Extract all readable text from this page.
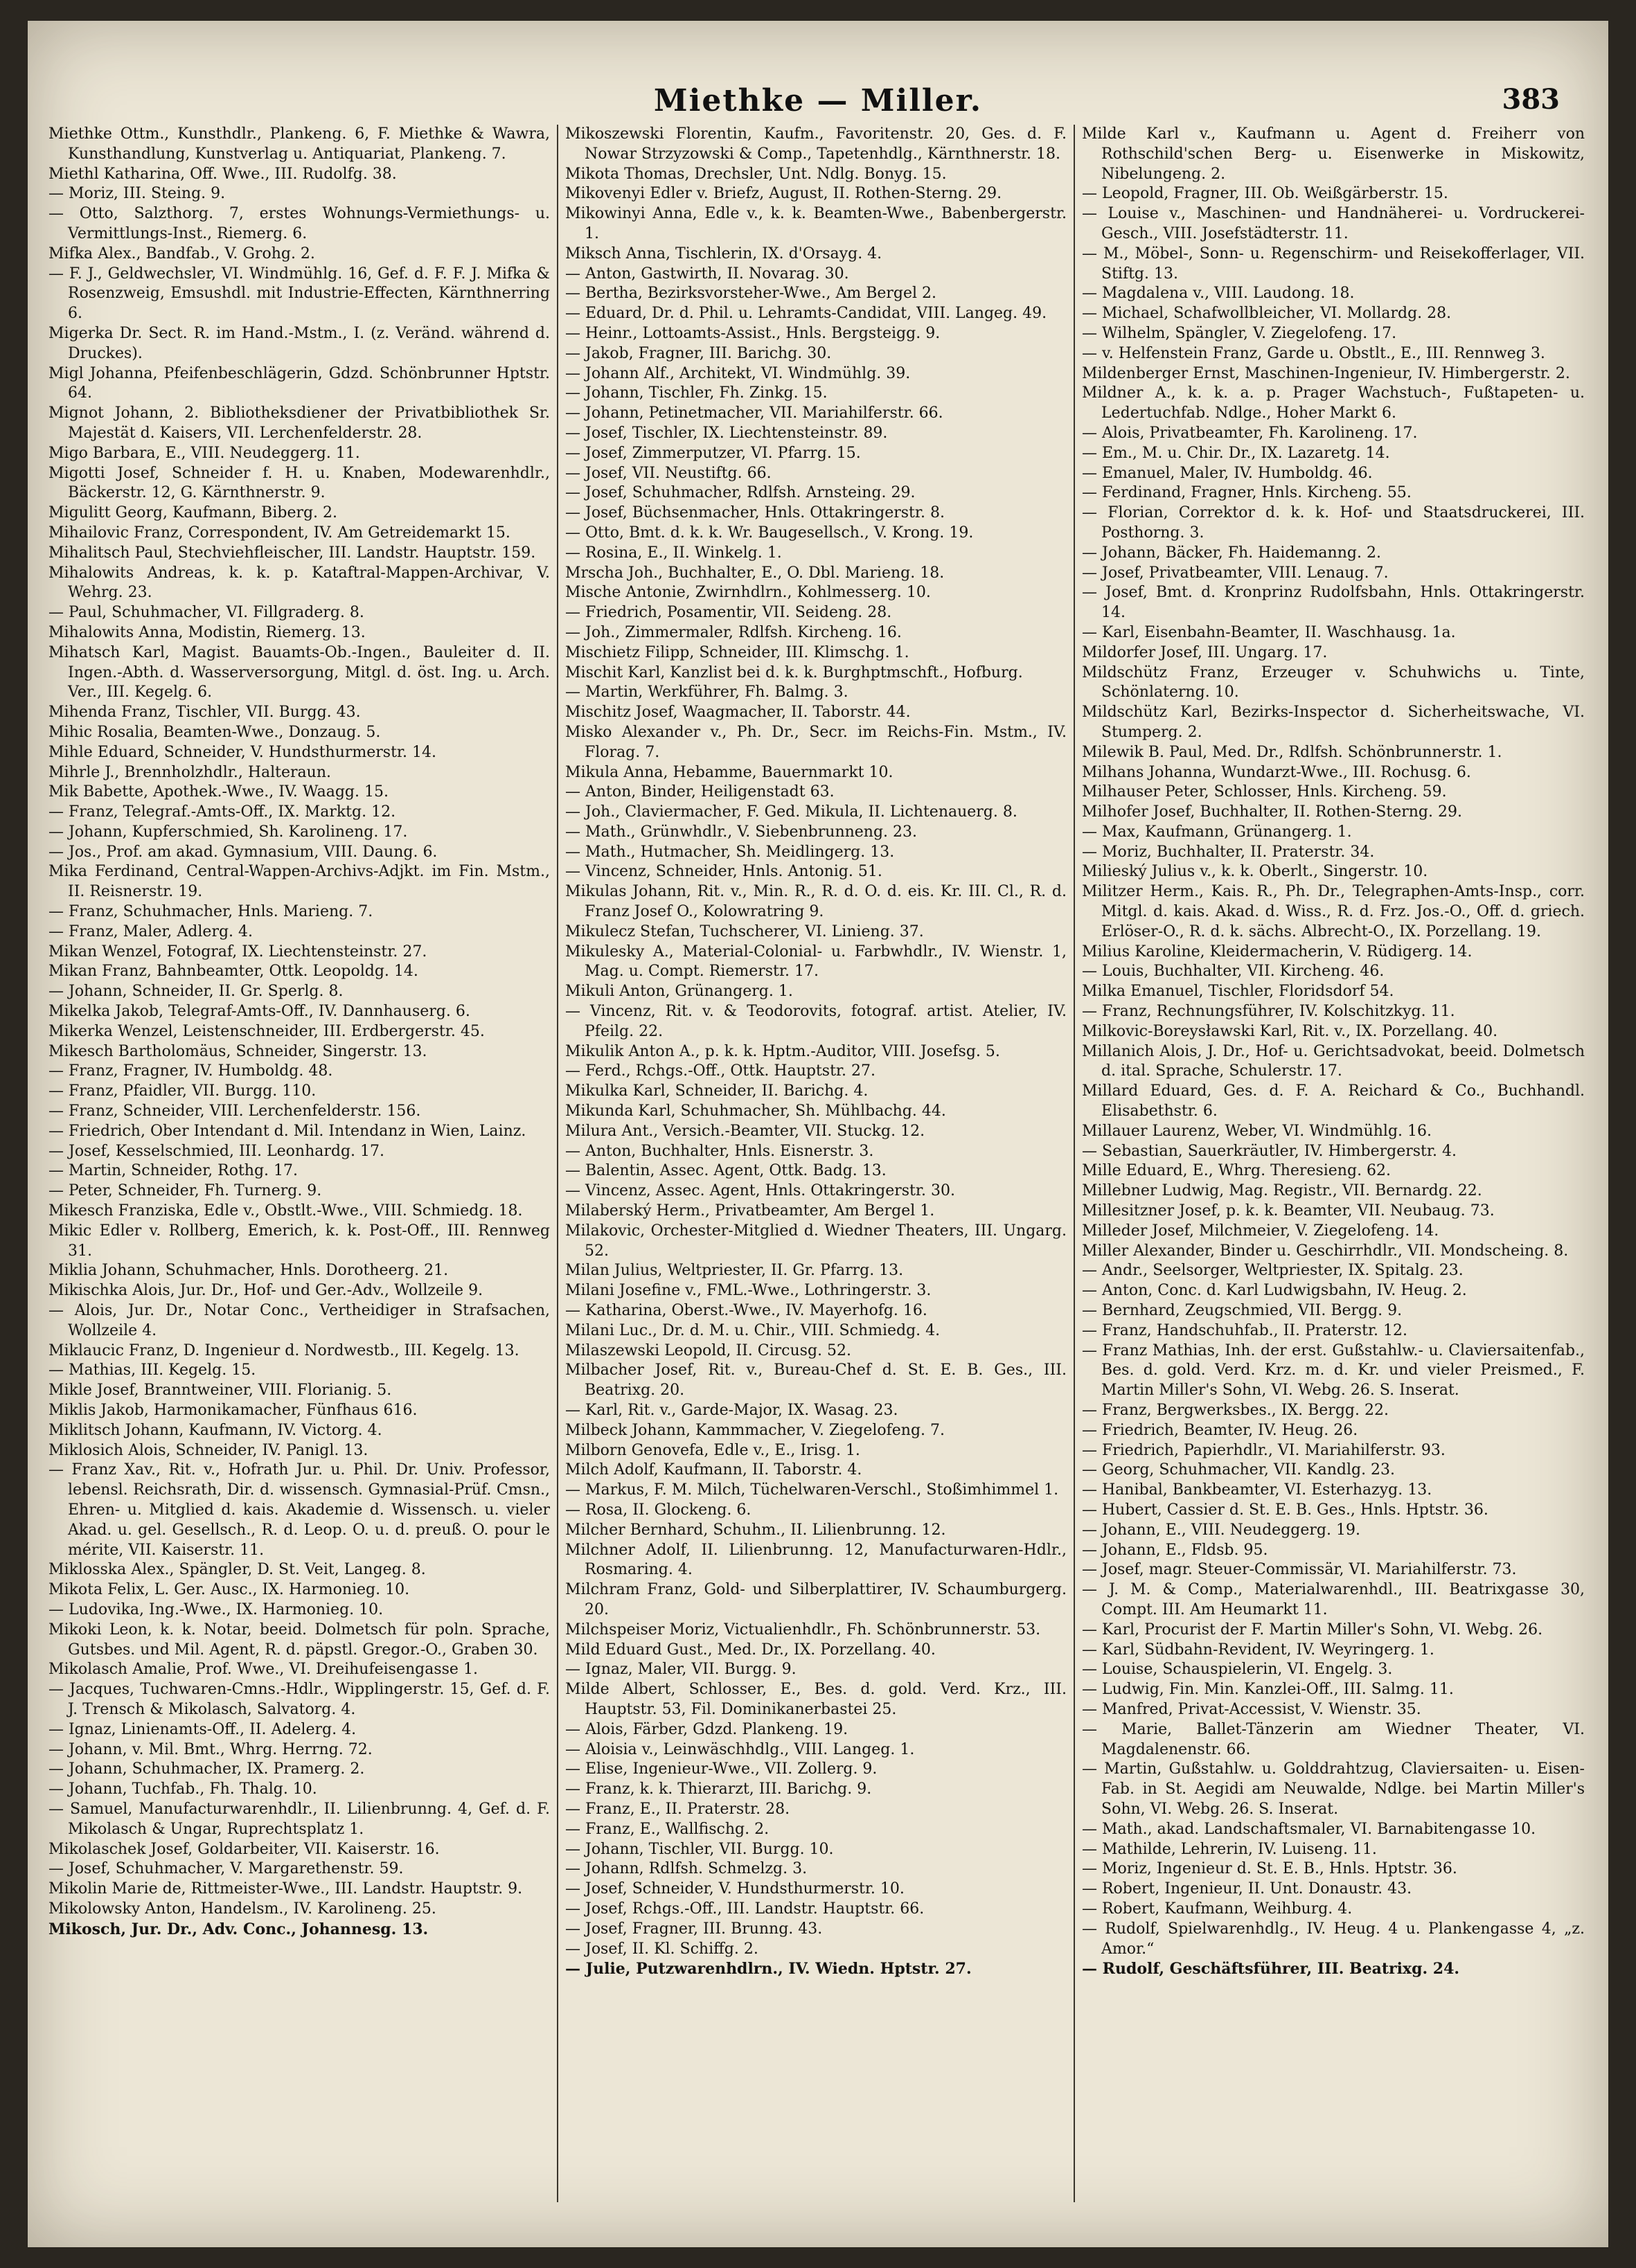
Miethke — Miller.	383
Miethke Ottm., Kunsthdlr., Plankeng. 6, F. Miethke & Wawra, Kunsthandlung, Kunstverlag u. Antiquariat, Plankeng. 7.
Miethl Katharina, Off. Wwe., III. Rudolfg. 38.
— Moriz, III. Steing. 9.
— Otto, Salzthorg. 7, erstes Wohnungs-Vermiethungs- u. Vermittlungs-Inst., Riemerg. 6.
Mifka Alex., Bandfab., V. Grohg. 2.
— F. J., Geldwechsler, VI. Windmühlg. 16, Gef. d. F. F. J. Mifka & Rosenzweig, Emsushdl. mit Industrie-Effecten, Kärnthnerring 6.
Migerka Dr. Sect. R. im Hand.-Mstm., I. (z. Veränd. während d. Druckes).
Migl Johanna, Pfeifenbeschlägerin, Gdzd. Schönbrunner Hptstr. 64.
Mignot Johann, 2. Bibliotheksdiener der Privatbibliothek Sr. Majestät d. Kaisers, VII. Lerchenfelderstr. 28.
Migo Barbara, E., VIII. Neudeggerg. 11.
Migotti Josef, Schneider f. H. u. Knaben, Modewarenhdlr., Bäckerstr. 12, G. Kärnthnerstr. 9.
Migulitt Georg, Kaufmann, Biberg. 2.
Mihailovic Franz, Correspondent, IV. Am Getreidemarkt 15.
Mihalitsch Paul, Stechviehfleischer, III. Landstr. Hauptstr. 159.
Mihalowits Andreas, k. k. p. Kataftral-Mappen-Archivar, V. Wehrg. 23.
— Paul, Schuhmacher, VI. Fillgraderg. 8.
Mihalowits Anna, Modistin, Riemerg. 13.
Mihatsch Karl, Magist. Bauamts-Ob.-Ingen., Bauleiter d. II. Ingen.-Abth. d. Wasserversorgung, Mitgl. d. öst. Ing. u. Arch. Ver., III. Kegelg. 6.
Mihenda Franz, Tischler, VII. Burgg. 43.
Mihic Rosalia, Beamten-Wwe., Donzaug. 5.
Mihle Eduard, Schneider, V. Hundsthurmerstr. 14.
Mihrle J., Brennholzhdlr., Halteraun.
Mik Babette, Apothek.-Wwe., IV. Waagg. 15.
— Franz, Telegraf.-Amts-Off., IX. Marktg. 12.
— Johann, Kupferschmied, Sh. Karolineng. 17.
— Jos., Prof. am akad. Gymnasium, VIII. Daung. 6.
Mika Ferdinand, Central-Wappen-Archivs-Adjkt. im Fin. Mstm., II. Reisnerstr. 19.
— Franz, Schuhmacher, Hnls. Marieng. 7.
— Franz, Maler, Adlerg. 4.
Mikan Wenzel, Fotograf, IX. Liechtensteinstr. 27.
Mikan Franz, Bahnbeamter, Ottk. Leopoldg. 14.
— Johann, Schneider, II. Gr. Sperlg. 8.
Mikelka Jakob, Telegraf-Amts-Off., IV. Dannhauserg. 6.
Mikerka Wenzel, Leistenschneider, III. Erdbergerstr. 45.
Mikesch Bartholomäus, Schneider, Singerstr. 13.
— Franz, Fragner, IV. Humboldg. 48.
— Franz, Pfaidler, VII. Burgg. 110.
— Franz, Schneider, VIII. Lerchenfelderstr. 156.
— Friedrich, Ober Intendant d. Mil. Intendanz in Wien, Lainz.
— Josef, Kesselschmied, III. Leonhardg. 17.
— Martin, Schneider, Rothg. 17.
— Peter, Schneider, Fh. Turnerg. 9.
Mikesch Franziska, Edle v., Obstlt.-Wwe., VIII. Schmiedg. 18.
Mikic Edler v. Rollberg, Emerich, k. k. Post-Off., III. Rennweg 31.
Miklia Johann, Schuhmacher, Hnls. Dorotheerg. 21.
Mikischka Alois, Jur. Dr., Hof- und Ger.-Adv., Wollzeile 9.
— Alois, Jur. Dr., Notar Conc., Vertheidiger in Strafsachen, Wollzeile 4.
Miklaucic Franz, D. Ingenieur d. Nordwestb., III. Kegelg. 13.
— Mathias, III. Kegelg. 15.
Mikle Josef, Branntweiner, VIII. Florianig. 5.
Miklis Jakob, Harmonikamacher, Fünfhaus 616.
Miklitsch Johann, Kaufmann, IV. Victorg. 4.
Miklosich Alois, Schneider, IV. Panigl. 13.
— Franz Xav., Rit. v., Hofrath Jur. u. Phil. Dr. Univ. Professor, lebensl. Reichsrath, Dir. d. wissensch. Gymnasial-Prüf. Cmsn., Ehren- u. Mitglied d. kais. Akademie d. Wissensch. u. vieler Akad. u. gel. Gesellsch., R. d. Leop. O. u. d. preuß. O. pour le mérite, VII. Kaiserstr. 11.
Miklosska Alex., Spängler, D. St. Veit, Langeg. 8.
Mikota Felix, L. Ger. Ausc., IX. Harmonieg. 10.
— Ludovika, Ing.-Wwe., IX. Harmonieg. 10.
Mikoki Leon, k. k. Notar, beeid. Dolmetsch für poln. Sprache, Gutsbes. und Mil. Agent, R. d. päpstl. Gregor.-O., Graben 30.
Mikolasch Amalie, Prof. Wwe., VI. Dreihufeisengasse 1.
— Jacques, Tuchwaren-Cmns.-Hdlr., Wipplingerstr. 15, Gef. d. F. J. Trensch & Mikolasch, Salvatorg. 4.
— Ignaz, Linienamts-Off., II. Adelerg. 4.
— Johann, v. Mil. Bmt., Whrg. Herrng. 72.
— Johann, Schuhmacher, IX. Pramerg. 2.
— Johann, Tuchfab., Fh. Thalg. 10.
— Samuel, Manufacturwarenhdlr., II. Lilienbrunng. 4, Gef. d. F. Mikolasch & Ungar, Ruprechtsplatz 1.
Mikolaschek Josef, Goldarbeiter, VII. Kaiserstr. 16.
— Josef, Schuhmacher, V. Margarethenstr. 59.
Mikolin Marie de, Rittmeister-Wwe., III. Landstr. Hauptstr. 9.
Mikolowsky Anton, Handelsm., IV. Karolineng. 25.
Mikosch, Jur. Dr., Adv. Conc., Johannesg. 13.
Mikoszewski Florentin, Kaufm., Favoritenstr. 20, Ges. d. F. Nowar Strzyzowski & Comp., Tapetenhdlg., Kärnthnerstr. 18.
Mikota Thomas, Drechsler, Unt. Ndlg. Bonyg. 15.
Mikovenyi Edler v. Briefz, August, II. Rothen-Sterng. 29.
Mikowinyi Anna, Edle v., k. k. Beamten-Wwe., Babenbergerstr. 1.
Miksch Anna, Tischlerin, IX. d'Orsayg. 4.
— Anton, Gastwirth, II. Novarag. 30.
— Bertha, Bezirksvorsteher-Wwe., Am Bergel 2.
— Eduard, Dr. d. Phil. u. Lehramts-Candidat, VIII. Langeg. 49.
— Heinr., Lottoamts-Assist., Hnls. Bergsteigg. 9.
— Jakob, Fragner, III. Barichg. 30.
— Johann Alf., Architekt, VI. Windmühlg. 39.
— Johann, Tischler, Fh. Zinkg. 15.
— Johann, Petinetmacher, VII. Mariahilferstr. 66.
— Josef, Tischler, IX. Liechtensteinstr. 89.
— Josef, Zimmerputzer, VI. Pfarrg. 15.
— Josef, VII. Neustiftg. 66.
— Josef, Schuhmacher, Rdlfsh. Arnsteing. 29.
— Josef, Büchsenmacher, Hnls. Ottakringerstr. 8.
— Otto, Bmt. d. k. k. Wr. Baugesellsch., V. Krong. 19.
— Rosina, E., II. Winkelg. 1.
Mrscha Joh., Buchhalter, E., O. Dbl. Marieng. 18.
Mische Antonie, Zwirnhdlrn., Kohlmesserg. 10.
— Friedrich, Posamentir, VII. Seideng. 28.
— Joh., Zimmermaler, Rdlfsh. Kircheng. 16.
Mischietz Filipp, Schneider, III. Klimschg. 1.
Mischit Karl, Kanzlist bei d. k. k. Burghptmschft., Hofburg.
— Martin, Werkführer, Fh. Balmg. 3.
Mischitz Josef, Waagmacher, II. Taborstr. 44.
Misko Alexander v., Ph. Dr., Secr. im Reichs-Fin. Mstm., IV. Florag. 7.
Mikula Anna, Hebamme, Bauernmarkt 10.
— Anton, Binder, Heiligenstadt 63.
— Joh., Claviermacher, F. Ged. Mikula, II. Lichtenauerg. 8.
— Math., Grünwhdlr., V. Siebenbrunneng. 23.
— Math., Hutmacher, Sh. Meidlingerg. 13.
— Vincenz, Schneider, Hnls. Antonig. 51.
Mikulas Johann, Rit. v., Min. R., R. d. O. d. eis. Kr. III. Cl., R. d. Franz Josef O., Kolowratring 9.
Mikulecz Stefan, Tuchscherer, VI. Linieng. 37.
Mikulesky A., Material-Colonial- u. Farbwhdlr., IV. Wienstr. 1, Mag. u. Compt. Riemerstr. 17.
Mikuli Anton, Grünangerg. 1.
— Vincenz, Rit. v. & Teodorovits, fotograf. artist. Atelier, IV. Pfeilg. 22.
Mikulik Anton A., p. k. k. Hptm.-Auditor, VIII. Josefsg. 5.
— Ferd., Rchgs.-Off., Ottk. Hauptstr. 27.
Mikulka Karl, Schneider, II. Barichg. 4.
Mikunda Karl, Schuhmacher, Sh. Mühlbachg. 44.
Milura Ant., Versich.-Beamter, VII. Stuckg. 12.
— Anton, Buchhalter, Hnls. Eisnerstr. 3.
— Balentin, Assec. Agent, Ottk. Badg. 13.
— Vincenz, Assec. Agent, Hnls. Ottakringerstr. 30.
Milaberský Herm., Privatbeamter, Am Bergel 1.
Milakovic, Orchester-Mitglied d. Wiedner Theaters, III. Ungarg. 52.
Milan Julius, Weltpriester, II. Gr. Pfarrg. 13.
Milani Josefine v., FML.-Wwe., Lothringerstr. 3.
— Katharina, Oberst.-Wwe., IV. Mayerhofg. 16.
Milani Luc., Dr. d. M. u. Chir., VIII. Schmiedg. 4.
Milaszewski Leopold, II. Circusg. 52.
Milbacher Josef, Rit. v., Bureau-Chef d. St. E. B. Ges., III. Beatrixg. 20.
— Karl, Rit. v., Garde-Major, IX. Wasag. 23.
Milbeck Johann, Kammmacher, V. Ziegelofeng. 7.
Milborn Genovefa, Edle v., E., Irisg. 1.
Milch Adolf, Kaufmann, II. Taborstr. 4.
— Markus, F. M. Milch, Tüchelwaren-Verschl., Stoßimhimmel 1.
— Rosa, II. Glockeng. 6.
Milcher Bernhard, Schuhm., II. Lilienbrunng. 12.
Milchner Adolf, II. Lilienbrunng. 12, Manufacturwaren-Hdlr., Rosmaring. 4.
Milchram Franz, Gold- und Silberplattirer, IV. Schaumburgerg. 20.
Milchspeiser Moriz, Victualienhdlr., Fh. Schönbrunnerstr. 53.
Mild Eduard Gust., Med. Dr., IX. Porzellang. 40.
— Ignaz, Maler, VII. Burgg. 9.
Milde Albert, Schlosser, E., Bes. d. gold. Verd. Krz., III. Hauptstr. 53, Fil. Dominikanerbastei 25.
— Alois, Färber, Gdzd. Plankeng. 19.
— Aloisia v., Leinwäschhdlg., VIII. Langeg. 1.
— Elise, Ingenieur-Wwe., VII. Zollerg. 9.
— Franz, k. k. Thierarzt, III. Barichg. 9.
— Franz, E., II. Praterstr. 28.
— Franz, E., Wallfischg. 2.
— Johann, Tischler, VII. Burgg. 10.
— Johann, Rdlfsh. Schmelzg. 3.
— Josef, Schneider, V. Hundsthurmerstr. 10.
— Josef, Rchgs.-Off., III. Landstr. Hauptstr. 66.
— Josef, Fragner, III. Brunng. 43.
— Josef, II. Kl. Schiffg. 2.
— Julie, Putzwarenhdlrn., IV. Wiedn. Hptstr. 27.
Milde Karl v., Kaufmann u. Agent d. Freiherr von Rothschild'schen Berg- u. Eisenwerke in Miskowitz, Nibelungeng. 2.
— Leopold, Fragner, III. Ob. Weißgärberstr. 15.
— Louise v., Maschinen- und Handnäherei- u. Vordruckerei-Gesch., VIII. Josefstädterstr. 11.
— M., Möbel-, Sonn- u. Regenschirm- und Reisekofferlager, VII. Stiftg. 13.
— Magdalena v., VIII. Laudong. 18.
— Michael, Schafwollbleicher, VI. Mollardg. 28.
— Wilhelm, Spängler, V. Ziegelofeng. 17.
— v. Helfenstein Franz, Garde u. Obstlt., E., III. Rennweg 3.
Mildenberger Ernst, Maschinen-Ingenieur, IV. Himbergerstr. 2.
Mildner A., k. k. a. p. Prager Wachstuch-, Fußtapeten- u. Ledertuchfab. Ndlge., Hoher Markt 6.
— Alois, Privatbeamter, Fh. Karolineng. 17.
— Em., M. u. Chir. Dr., IX. Lazaretg. 14.
— Emanuel, Maler, IV. Humboldg. 46.
— Ferdinand, Fragner, Hnls. Kircheng. 55.
— Florian, Correktor d. k. k. Hof- und Staatsdruckerei, III. Posthorng. 3.
— Johann, Bäcker, Fh. Haidemanng. 2.
— Josef, Privatbeamter, VIII. Lenaug. 7.
— Josef, Bmt. d. Kronprinz Rudolfsbahn, Hnls. Ottakringerstr. 14.
— Karl, Eisenbahn-Beamter, II. Waschhausg. 1a.
Mildorfer Josef, III. Ungarg. 17.
Mildschütz Franz, Erzeuger v. Schuhwichs u. Tinte, Schönlaterng. 10.
Mildschütz Karl, Bezirks-Inspector d. Sicherheitswache, VI. Stumperg. 2.
Milewik B. Paul, Med. Dr., Rdlfsh. Schönbrunnerstr. 1.
Milhans Johanna, Wundarzt-Wwe., III. Rochusg. 6.
Milhauser Peter, Schlosser, Hnls. Kircheng. 59.
Milhofer Josef, Buchhalter, II. Rothen-Sterng. 29.
— Max, Kaufmann, Grünangerg. 1.
— Moriz, Buchhalter, II. Praterstr. 34.
Milieský Julius v., k. k. Oberlt., Singerstr. 10.
Militzer Herm., Kais. R., Ph. Dr., Telegraphen-Amts-Insp., corr. Mitgl. d. kais. Akad. d. Wiss., R. d. Frz. Jos.-O., Off. d. griech. Erlöser-O., R. d. k. sächs. Albrecht-O., IX. Porzellang. 19.
Milius Karoline, Kleidermacherin, V. Rüdigerg. 14.
— Louis, Buchhalter, VII. Kircheng. 46.
Milka Emanuel, Tischler, Floridsdorf 54.
— Franz, Rechnungsführer, IV. Kolschitzkyg. 11.
Milkovic-Boreysławski Karl, Rit. v., IX. Porzellang. 40.
Millanich Alois, J. Dr., Hof- u. Gerichtsadvokat, beeid. Dolmetsch d. ital. Sprache, Schulerstr. 17.
Millard Eduard, Ges. d. F. A. Reichard & Co., Buchhandl. Elisabethstr. 6.
Millauer Laurenz, Weber, VI. Windmühlg. 16.
— Sebastian, Sauerkräutler, IV. Himbergerstr. 4.
Mille Eduard, E., Whrg. Theresieng. 62.
Millebner Ludwig, Mag. Registr., VII. Bernardg. 22.
Millesitzner Josef, p. k. k. Beamter, VII. Neubaug. 73.
Milleder Josef, Milchmeier, V. Ziegelofeng. 14.
Miller Alexander, Binder u. Geschirrhdlr., VII. Mondscheing. 8.
— Andr., Seelsorger, Weltpriester, IX. Spitalg. 23.
— Anton, Conc. d. Karl Ludwigsbahn, IV. Heug. 2.
— Bernhard, Zeugschmied, VII. Bergg. 9.
— Franz, Handschuhfab., II. Praterstr. 12.
— Franz Mathias, Inh. der erst. Gußstahlw.- u. Claviersaitenfab., Bes. d. gold. Verd. Krz. m. d. Kr. und vieler Preismed., F. Martin Miller's Sohn, VI. Webg. 26. S. Inserat.
— Franz, Bergwerksbes., IX. Bergg. 22.
— Friedrich, Beamter, IV. Heug. 26.
— Friedrich, Papierhdlr., VI. Mariahilferstr. 93.
— Georg, Schuhmacher, VII. Kandlg. 23.
— Hanibal, Bankbeamter, VI. Esterhazyg. 13.
— Hubert, Cassier d. St. E. B. Ges., Hnls. Hptstr. 36.
— Johann, E., VIII. Neudeggerg. 19.
— Johann, E., Fldsb. 95.
— Josef, magr. Steuer-Commissär, VI. Mariahilferstr. 73.
— J. M. & Comp., Materialwarenhdl., III. Beatrixgasse 30, Compt. III. Am Heumarkt 11.
— Karl, Procurist der F. Martin Miller's Sohn, VI. Webg. 26.
— Karl, Südbahn-Revident, IV. Weyringerg. 1.
— Louise, Schauspielerin, VI. Engelg. 3.
— Ludwig, Fin. Min. Kanzlei-Off., III. Salmg. 11.
— Manfred, Privat-Accessist, V. Wienstr. 35.
— Marie, Ballet-Tänzerin am Wiedner Theater, VI. Magdalenenstr. 66.
— Martin, Gußstahlw. u. Golddrahtzug, Claviersaiten- u. Eisen-Fab. in St. Aegidi am Neuwalde, Ndlge. bei Martin Miller's Sohn, VI. Webg. 26. S. Inserat.
— Math., akad. Landschaftsmaler, VI. Barnabitengasse 10.
— Mathilde, Lehrerin, IV. Luiseng. 11.
— Moriz, Ingenieur d. St. E. B., Hnls. Hptstr. 36.
— Robert, Ingenieur, II. Unt. Donaustr. 43.
— Robert, Kaufmann, Weihburg. 4.
— Rudolf, Spielwarenhdlg., IV. Heug. 4 u. Plankengasse 4, „z. Amor.“
— Rudolf, Geschäftsführer, III. Beatrixg. 24.
